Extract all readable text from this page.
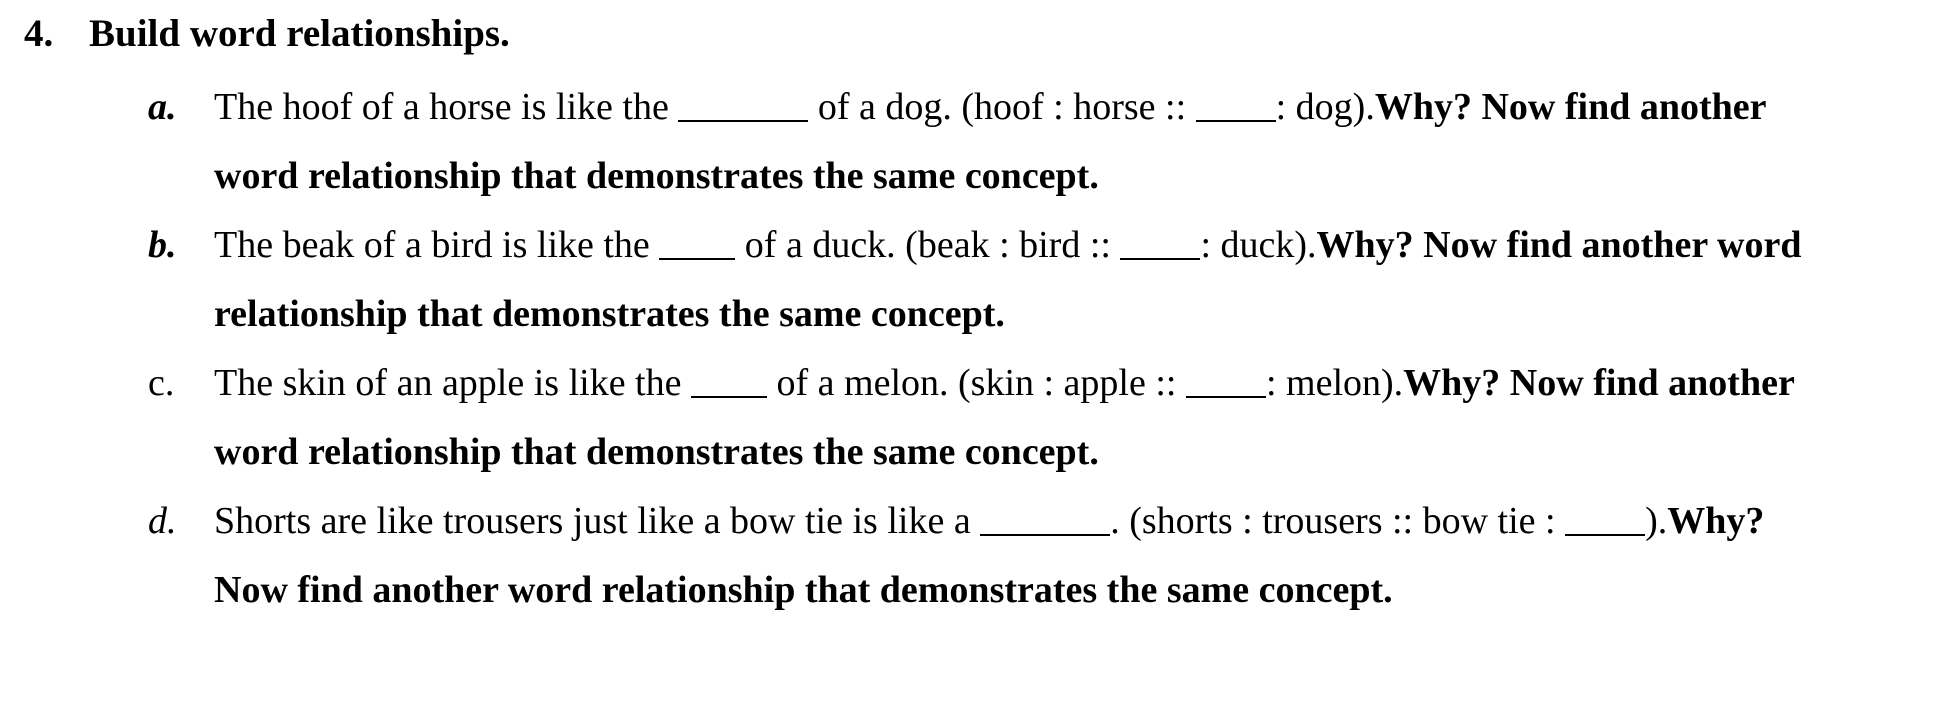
4. Build word relationships.
a. The hoof of a horse is like the	of a dog. (hoof : horse :: : dog).Why? Now find another
word relationship that demonstrates the same concept.
b. The beak of a bird is like the  of a duck. (beak : bird :: : duck).Why? Now find another word
relationship that demonstrates the same concept.
c. The skin of an apple is like the  of a melon. (skin : apple :: : melon).Why? Now find another
word relationship that demonstrates the same concept.
d. Shorts are like trousers just like a bow tie is like a	. (shorts : trousers :: bow tie : ).Why?
Now find another word relationship that demonstrates the same concept.
